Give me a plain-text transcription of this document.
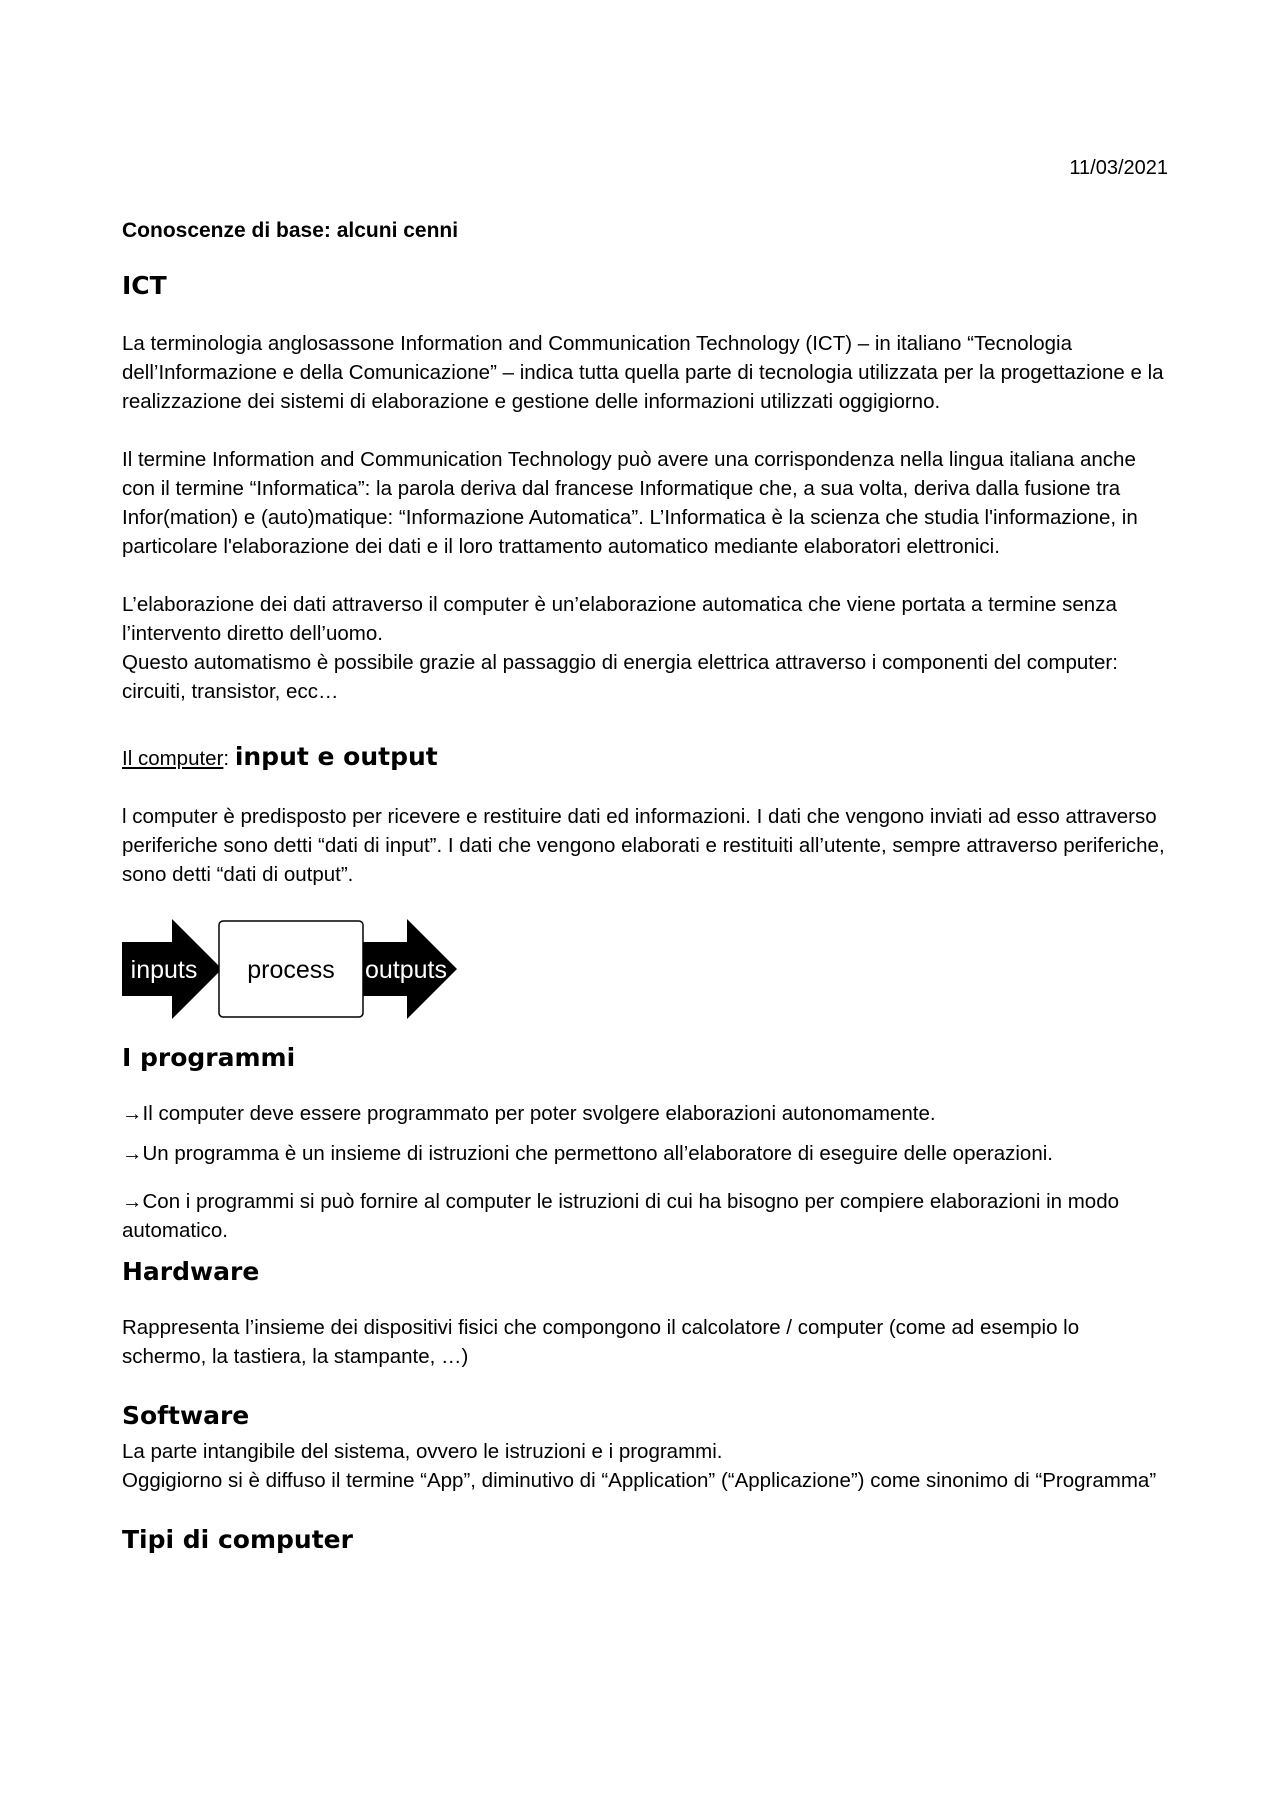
11/03/2021
Conoscenze di base: alcuni cenni
ICT

La terminologia anglosassone Information and Communication Technology (ICT) – in italiano “Tecnologia dell’Informazione e della Comunicazione” – indica tutta quella parte di tecnologia utilizzata per la progettazione e la realizzazione dei sistemi di elaborazione e gestione delle informazioni utilizzati oggigiorno.

Il termine Information and Communication Technology può avere una corrispondenza nella lingua italiana anche con il termine “Informatica”: la parola deriva dal francese Informatique che, a sua volta, deriva dalla fusione tra Infor(mation) e (auto)matique: “Informazione Automatica”. L’Informatica è la scienza che studia l'informazione, in particolare l'elaborazione dei dati e il loro trattamento automatico mediante elaboratori elettronici.

L’elaborazione dei dati attraverso il computer è un’elaborazione automatica che viene portata a termine senza l’intervento diretto dell’uomo.

Questo automatismo è possibile grazie al passaggio di energia elettrica attraverso i componenti del computer: circuiti, transistor, ecc…

Il computer: input e output

l computer è predisposto per ricevere e restituire dati ed informazioni. I dati che vengono inviati ad esso attraverso periferiche sono detti “dati di input”. I dati che vengono elaborati e restituiti all’utente, sempre attraverso periferiche, sono detti “dati di output”.

inputs process outputs
I programmi

→Il computer deve essere programmato per poter svolgere elaborazioni autonomamente.

→Un programma è un insieme di istruzioni che permettono all’elaboratore di eseguire delle operazioni.

→Con i programmi si può fornire al computer le istruzioni di cui ha bisogno per compiere elaborazioni in modo automatico.

Hardware

Rappresenta l’insieme dei dispositivi fisici che compongono il calcolatore / computer (come ad esempio lo schermo, la tastiera, la stampante, …)

Software

La parte intangibile del sistema, ovvero le istruzioni e i programmi.

Oggigiorno si è diffuso il termine “App”, diminutivo di “Application” (“Applicazione”) come sinonimo di “Programma”

Tipi di computer
